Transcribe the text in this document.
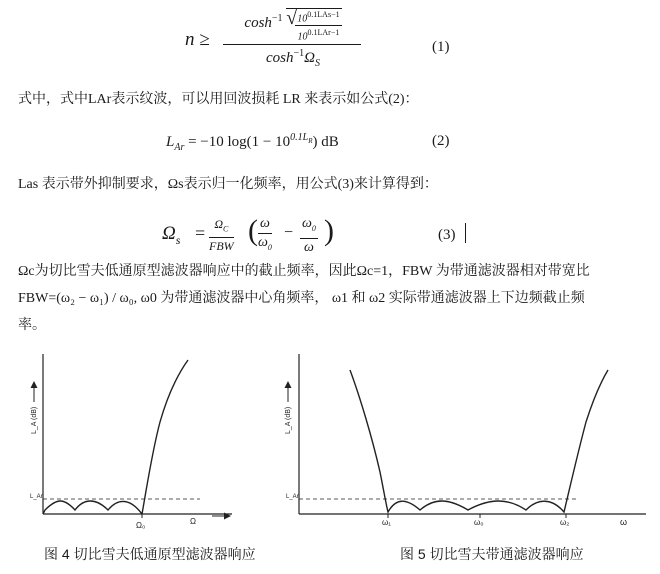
n ≥
$\cosh^{-1}$ √
$\frac{10^{0.1LAs-1}}{10^{0.1LAr-1}}$
$\cosh^{-1}\Omega_S$
(1)
式中，式中LAr表示纹波，可以用回波损耗 LR 来表示如公式(2)：
$L_{Ar} = -10$ $\log(1 - 10^{0.1L_R})$ dB	(2)
Las 表示带外抑制要求，Ωs表示归一化频率，用公式(3)来计算得到：
$\Omega_s = \Omega_C$
FBW ( $\frac{\omega}{\omega_0} - \frac{\omega_0}{\omega}$ )	(3)
Ωc为切比雪夫低通原型滤波器响应中的截止频率，因此Ωc=1，FBW 为带通滤波器相对带宽比
FBW=(ω₂ − ω₁) / ω₀, ω0 为带通滤波器中心角频率， ω1 和 ω2 实际带通滤波器上下边频截止频
率。
L_A (dB)
L_Ar
Ω₀	Ω
图 4 切比雪夫低通原型滤波器响应
L_A (dB)
L_Ar
ω₁	ω₀	ω₂	ω
图 5 切比雪夫带通滤波器响应
